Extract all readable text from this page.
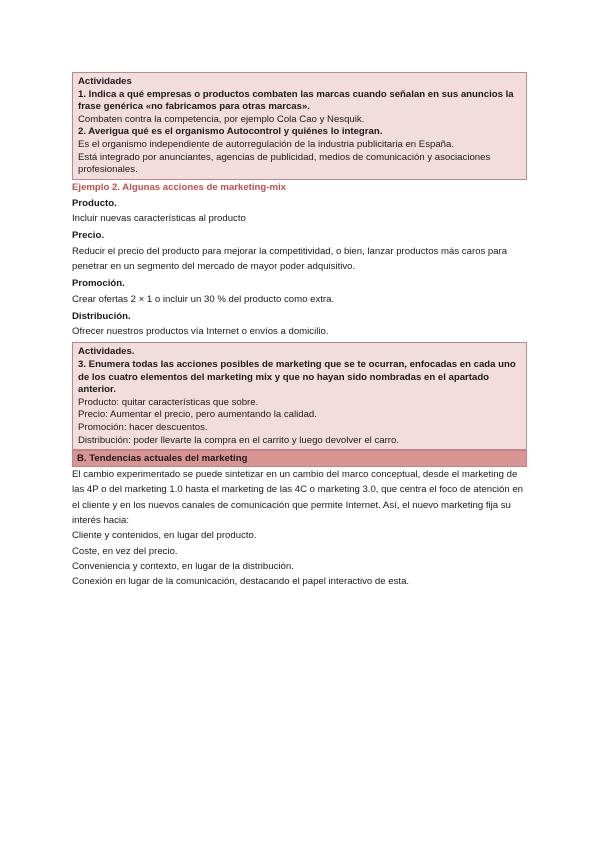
Actividades

1. Indica a qué empresas o productos combaten las marcas cuando señalan en sus anuncios la frase genérica «no fabricamos para otras marcas».

Combaten contra la competencia, por ejemplo Cola Cao y Nesquik.

2. Averigua qué es el organismo Autocontrol y quiénes lo integran.

Es el organismo independiente de autorregulación de la industria publicitaria en España.

Está integrado por anunciantes, agencias de publicidad, medios de comunicación y asociaciones profesionales.

Ejemplo 2. Algunas acciones de marketing-mix

Producto.

Incluir nuevas características al producto

Precio.

Reducir el precio del producto para mejorar la competitividad, o bien, lanzar productos más caros para penetrar en un segmento del mercado de mayor poder adquisitivo.

Promoción.

Crear ofertas 2 × 1 o incluir un 30 % del producto como extra.

Distribución.

Ofrecer nuestros productos vía Internet o envíos a domicilio.

Actividades.

3. Enumera todas las acciones posibles de marketing que se te ocurran, enfocadas en cada uno de los cuatro elementos del marketing mix y que no hayan sido nombradas en el apartado anterior.

Producto: quitar características que sobre.

Precio: Aumentar el precio, pero aumentando la calidad.

Promoción: hacer descuentos.

Distribución: poder llevarte la compra en el carrito y luego devolver el carro.

B. Tendencias actuales del marketing

El cambio experimentado se puede sintetizar en un cambio del marco conceptual, desde el marketing de las 4P o del marketing 1.0 hasta el marketing de las 4C o marketing 3.0, que centra el foco de atención en el cliente y en los nuevos canales de comunicación que permite Internet. Así, el nuevo marketing fija su interés hacia:

Cliente y contenidos, en lugar del producto.

Coste, en vez del precio.

Conveniencia y contexto, en lugar de la distribución.

Conexión en lugar de la comunicación, destacando el papel interactivo de esta.
